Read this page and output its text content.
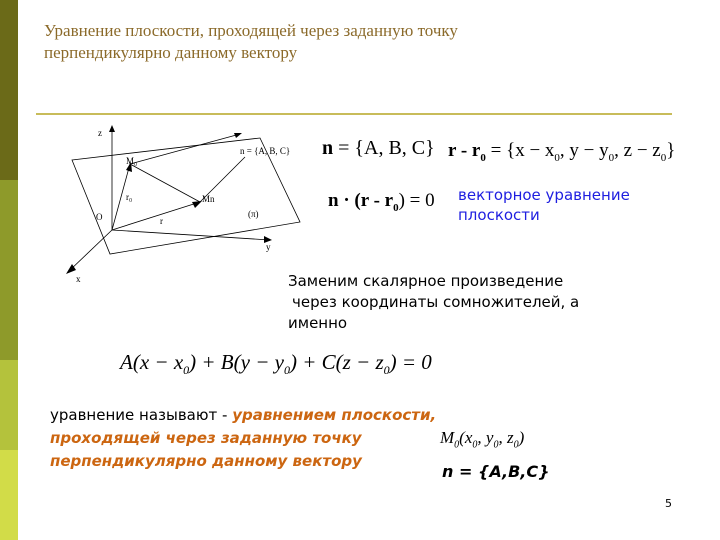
Уравнение плоскости, проходящей через заданную точку
перпендикулярно данному вектору
z
x
y
O
M₀
r₀
r
M
(π)
n = {A, B, C}
n
n = {A, B, C} $r - r_0 = \{x - x_0$, $y - y_0$, $z - z_0$}
$n \cdot (r - r_0) = 0$ векторное уравнение
плоскости
Заменим скалярное произведение
через координаты сомножителей, а
именно
$A(x - x_0) + B(y - y_0) + C(z - z_0) = 0$
уравнение называют - уравнением плоскости,
проходящей через заданную точку
перпендикулярно данному вектору
$M_0(x_0$, $y_0$, $z_0$)
n = {A,B,C}
5
